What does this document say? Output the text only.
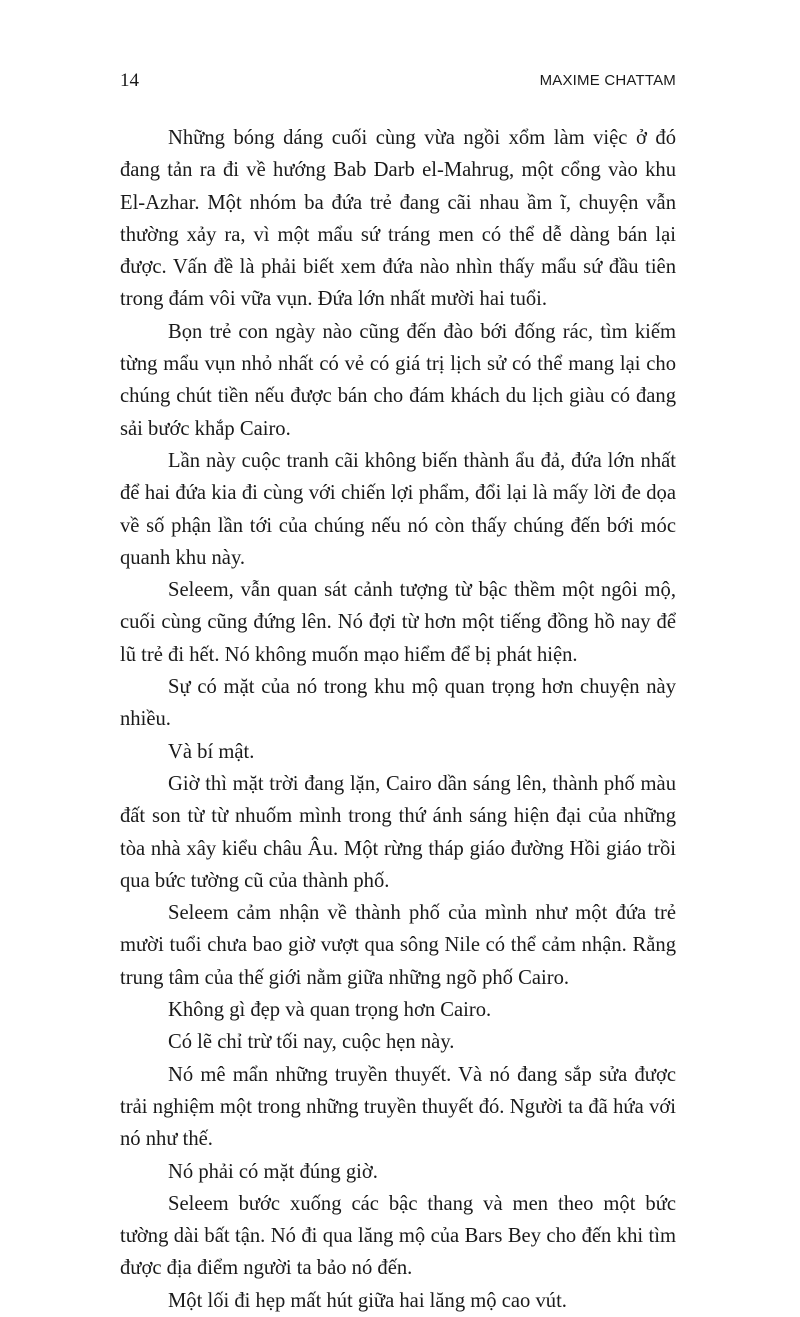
14	MAXIME CHATTAM

Những bóng dáng cuối cùng vừa ngồi xổm làm việc ở đó đang tản ra đi về hướng Bab Darb el-Mahrug, một cổng vào khu El-Azhar. Một nhóm ba đứa trẻ đang cãi nhau ầm ĩ, chuyện vẫn thường xảy ra, vì một mẩu sứ tráng men có thể dễ dàng bán lại được. Vấn đề là phải biết xem đứa nào nhìn thấy mẩu sứ đầu tiên trong đám vôi vữa vụn. Đứa lớn nhất mười hai tuổi.

Bọn trẻ con ngày nào cũng đến đào bới đống rác, tìm kiếm từng mẩu vụn nhỏ nhất có vẻ có giá trị lịch sử có thể mang lại cho chúng chút tiền nếu được bán cho đám khách du lịch giàu có đang sải bước khắp Cairo.

Lần này cuộc tranh cãi không biến thành ẩu đả, đứa lớn nhất để hai đứa kia đi cùng với chiến lợi phẩm, đổi lại là mấy lời đe dọa về số phận lần tới của chúng nếu nó còn thấy chúng đến bới móc quanh khu này.

Seleem, vẫn quan sát cảnh tượng từ bậc thềm một ngôi mộ, cuối cùng cũng đứng lên. Nó đợi từ hơn một tiếng đồng hồ nay để lũ trẻ đi hết. Nó không muốn mạo hiểm để bị phát hiện.

Sự có mặt của nó trong khu mộ quan trọng hơn chuyện này nhiều.

Và bí mật.

Giờ thì mặt trời đang lặn, Cairo dần sáng lên, thành phố màu đất son từ từ nhuốm mình trong thứ ánh sáng hiện đại của những tòa nhà xây kiểu châu Âu. Một rừng tháp giáo đường Hồi giáo trồi qua bức tường cũ của thành phố.

Seleem cảm nhận về thành phố của mình như một đứa trẻ mười tuổi chưa bao giờ vượt qua sông Nile có thể cảm nhận. Rằng trung tâm của thế giới nằm giữa những ngõ phố Cairo.

Không gì đẹp và quan trọng hơn Cairo.

Có lẽ chỉ trừ tối nay, cuộc hẹn này.

Nó mê mẩn những truyền thuyết. Và nó đang sắp sửa được trải nghiệm một trong những truyền thuyết đó. Người ta đã hứa với nó như thế.

Nó phải có mặt đúng giờ.

Seleem bước xuống các bậc thang và men theo một bức tường dài bất tận. Nó đi qua lăng mộ của Bars Bey cho đến khi tìm được địa điểm người ta bảo nó đến.

Một lối đi hẹp mất hút giữa hai lăng mộ cao vút.
